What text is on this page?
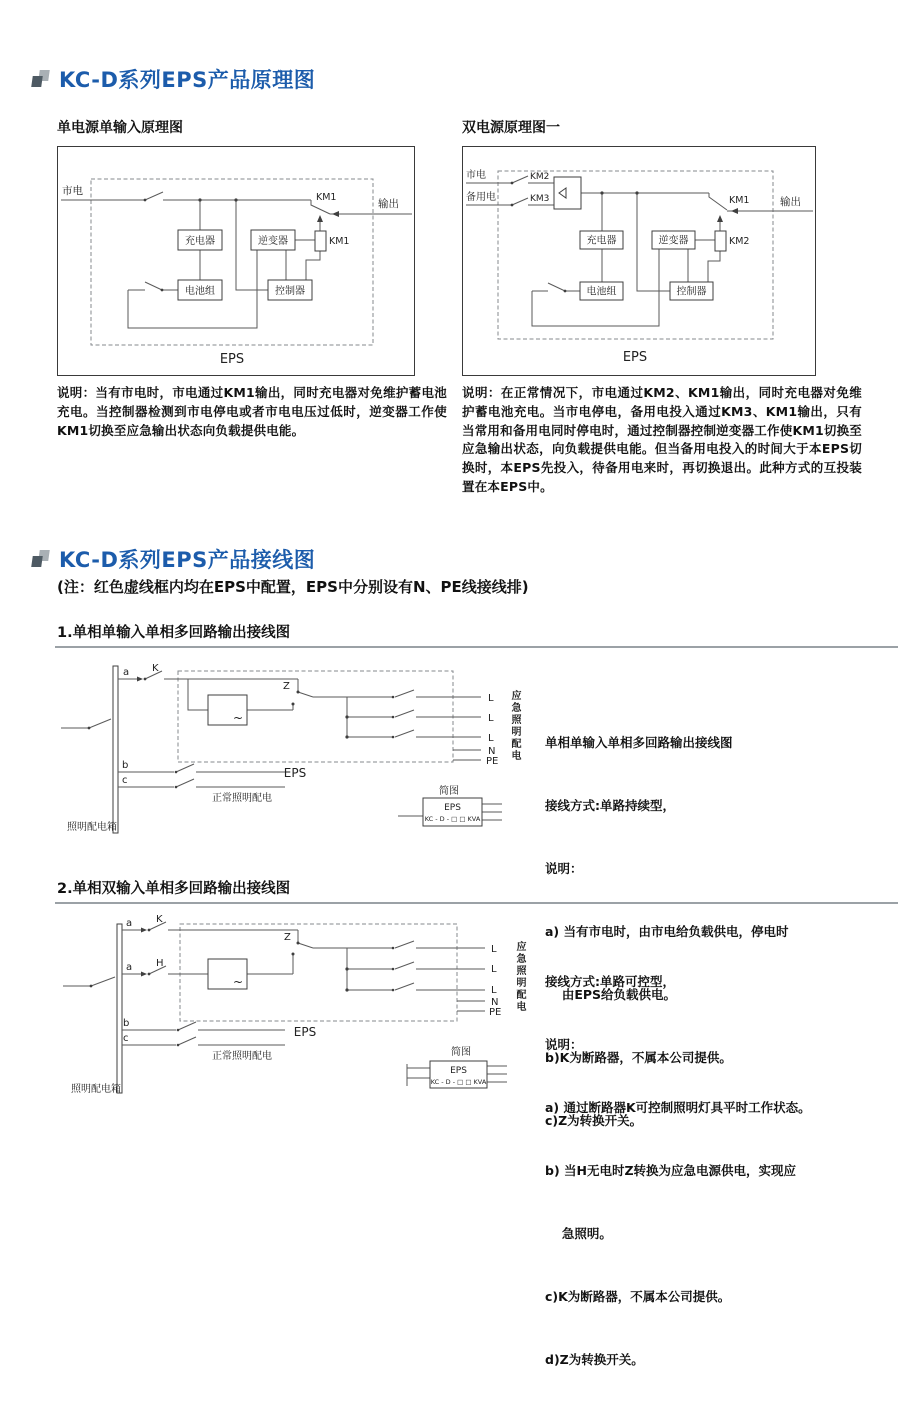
KC-D系列EPS产品原理图
单电源单输入原理图	双电源原理图一
市电
KM1
输出
充电器	逆变器
电池组	控制器
KM1
EPS
市电
备用电
KM2
KM3	KM1	输出
充电器	逆变器
电池组	控制器
KM2
EPS
说明：当有市电时，市电通过KM1输出，同时充电器对免维护蓄电池充电。当控制器检测到市电停电或者市电电压过低时，逆变器工作使KM1切换至应急输出状态向负载提供电能。
说明：在正常情况下，市电通过KM2、KM1输出，同时充电器对免维护蓄电池充电。当市电停电，备用电投入通过KM3、KM1输出，只有当常用和备用电同时停电时，通过控制器控制逆变器工作使KM1切换至应急输出状态，向负载提供电能。但当备用电投入的时间大于本EPS切换时，本EPS先投入，待备用电来时，再切换退出。此种方式的互投装置在本EPS中。
KC-D系列EPS产品接线图
(注：红色虚线框内均在EPS中配置，EPS中分别设有N、PE线接线排)
1.单相单输入单相多回路输出接线图
~
a K
Z
b
c
L
L
L
N
PE
EPS
照明配电箱
正常照明配电
简图
EPS
KC - D - □ □ KVA
应急照明配电

单相单输入单相多回路输出接线图

接线方式:单路持续型，

说明：

a) 当有市电时，由市电给负载供电，停电时

　 由EPS给负载供电。

b)K为断路器，不属本公司提供。

c)Z为转换开关。

2.单相双输入单相多回路输出接线图
~
a K
a H
Z
b
c
L
L
L
N
PE
EPS
照明配电箱
正常照明配电	简图
EPS
KC - D - □ □ KVA
应急照明配电

接线方式:单路可控型，

说明：

a) 通过断路器K可控制照明灯具平时工作状态。

b) 当H无电时Z转换为应急电源供电，实现应

　 急照明。

c)K为断路器，不属本公司提供。

d)Z为转换开关。
